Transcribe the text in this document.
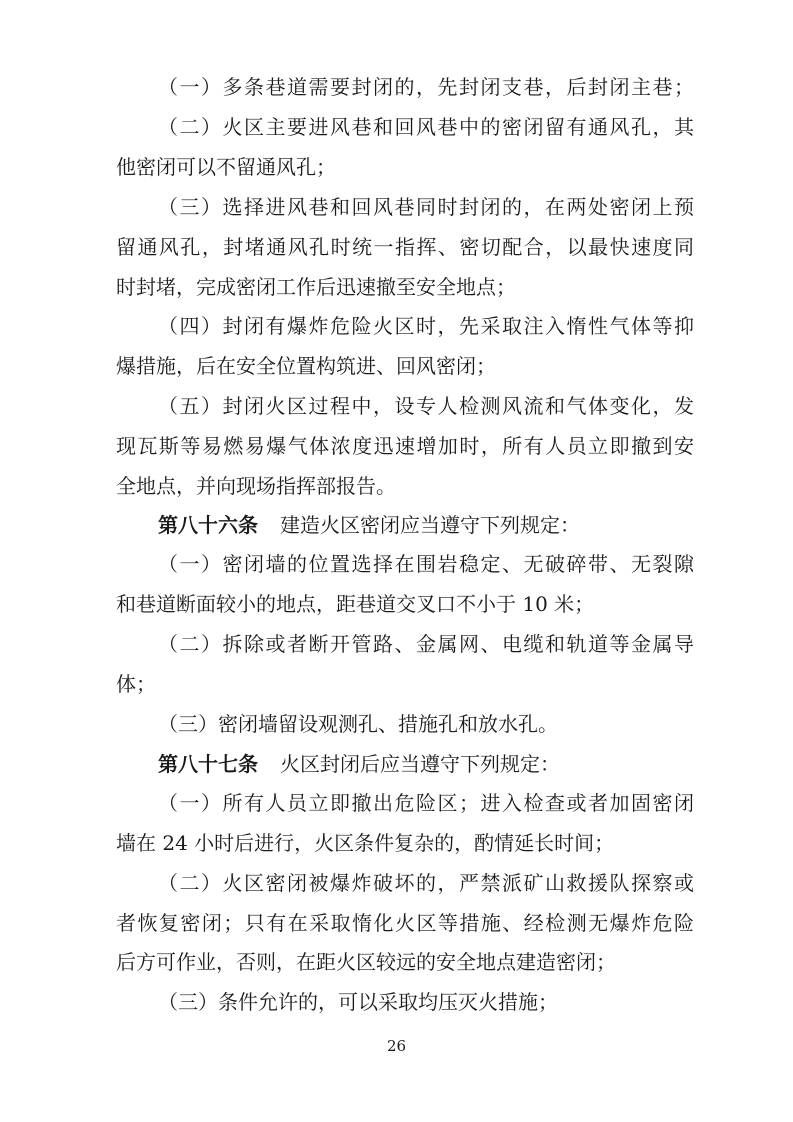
（一）多条巷道需要封闭的，先封闭支巷，后封闭主巷；
（二）火区主要进风巷和回风巷中的密闭留有通风孔，其
他密闭可以不留通风孔；
（三）选择进风巷和回风巷同时封闭的，在两处密闭上预
留通风孔，封堵通风孔时统一指挥、密切配合，以最快速度同
时封堵，完成密闭工作后迅速撤至安全地点；
（四）封闭有爆炸危险火区时，先采取注入惰性气体等抑
爆措施，后在安全位置构筑进、回风密闭；
（五）封闭火区过程中，设专人检测风流和气体变化，发
现瓦斯等易燃易爆气体浓度迅速增加时，所有人员立即撤到安
全地点，并向现场指挥部报告。
第八十六条 建造火区密闭应当遵守下列规定：
（一）密闭墙的位置选择在围岩稳定、无破碎带、无裂隙
和巷道断面较小的地点，距巷道交叉口不小于 10 米；
（二）拆除或者断开管路、金属网、电缆和轨道等金属导
体；
（三）密闭墙留设观测孔、措施孔和放水孔。
第八十七条 火区封闭后应当遵守下列规定：
（一）所有人员立即撤出危险区；进入检查或者加固密闭
墙在 24 小时后进行，火区条件复杂的，酌情延长时间；
（二）火区密闭被爆炸破坏的，严禁派矿山救援队探察或
者恢复密闭；只有在采取惰化火区等措施、经检测无爆炸危险
后方可作业，否则，在距火区较远的安全地点建造密闭；
（三）条件允许的，可以采取均压灭火措施；
26
